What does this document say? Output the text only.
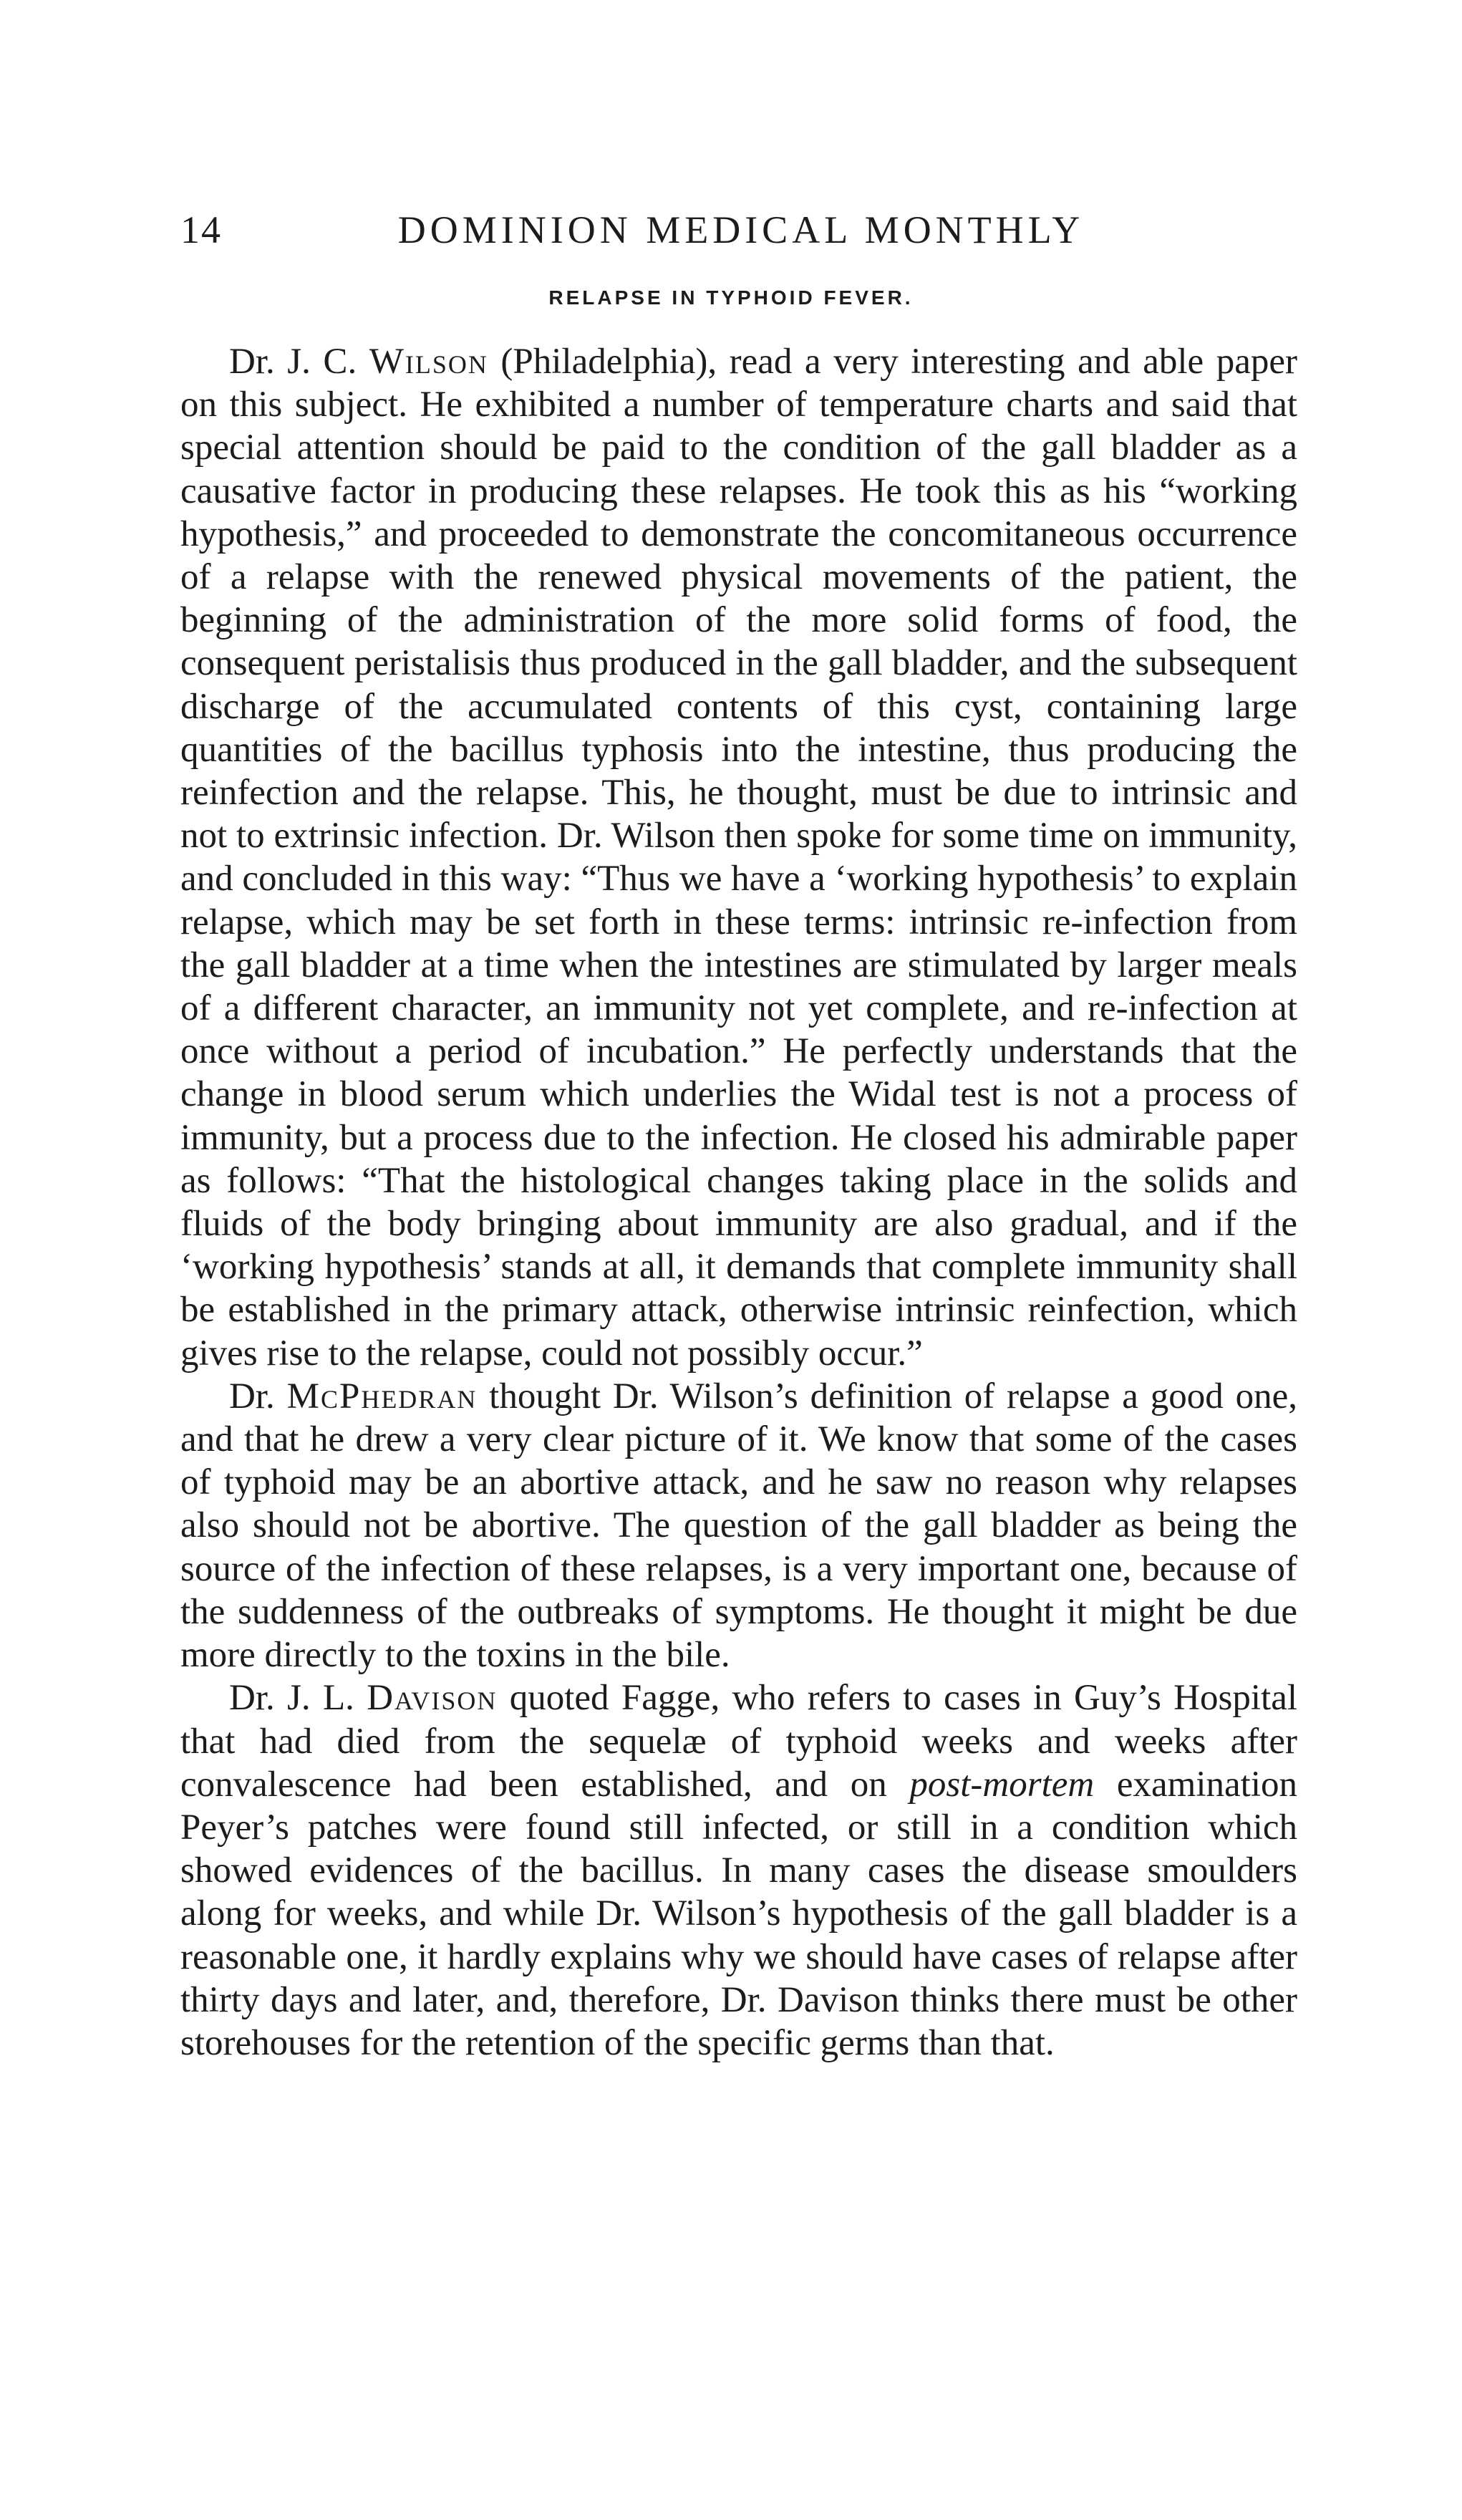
14	DOMINION MEDICAL MONTHLY
RELAPSE IN TYPHOID FEVER.

Dr. J. C. Wilson (Philadelphia), read a very interesting and able paper on this subject. He exhibited a number of temperature charts and said that special attention should be paid to the condition of the gall bladder as a causative factor in producing these relapses. He took this as his “working hypothesis,” and proceeded to demonstrate the concomitaneous occurrence of a relapse with the renewed physical movements of the patient, the beginning of the administration of the more solid forms of food, the consequent peristalisis thus produced in the gall bladder, and the subsequent discharge of the accumulated contents of this cyst, containing large quantities of the bacillus typhosis into the intestine, thus producing the reinfection and the relapse. This, he thought, must be due to intrinsic and not to extrinsic infection. Dr. Wilson then spoke for some time on immunity, and concluded in this way: “Thus we have a ‘working hypothesis’ to explain relapse, which may be set forth in these terms: intrinsic re-infection from the gall bladder at a time when the intestines are stimulated by larger meals of a different character, an immunity not yet complete, and re-infection at once without a period of incubation.” He perfectly understands that the change in blood serum which underlies the Widal test is not a process of immunity, but a process due to the infection. He closed his admirable paper as follows: “That the histological changes taking place in the solids and fluids of the body bringing about immunity are also gradual, and if the ‘working hypothesis’ stands at all, it demands that complete immunity shall be established in the primary attack, otherwise intrinsic reinfection, which gives rise to the relapse, could not possibly occur.”

Dr. McPhedran thought Dr. Wilson’s definition of relapse a good one, and that he drew a very clear picture of it. We know that some of the cases of typhoid may be an abortive attack, and he saw no reason why relapses also should not be abortive. The question of the gall bladder as being the source of the infection of these relapses, is a very important one, because of the suddenness of the outbreaks of symptoms. He thought it might be due more directly to the toxins in the bile.

Dr. J. L. Davison quoted Fagge, who refers to cases in Guy’s Hospital that had died from the sequelæ of typhoid weeks and weeks after convalescence had been established, and on post-mortem examination Peyer’s patches were found still infected, or still in a condition which showed evidences of the bacillus. In many cases the disease smoulders along for weeks, and while Dr. Wilson’s hypothesis of the gall bladder is a reasonable one, it hardly explains why we should have cases of relapse after thirty days and later, and, therefore, Dr. Davison thinks there must be other storehouses for the retention of the specific germs than that.
